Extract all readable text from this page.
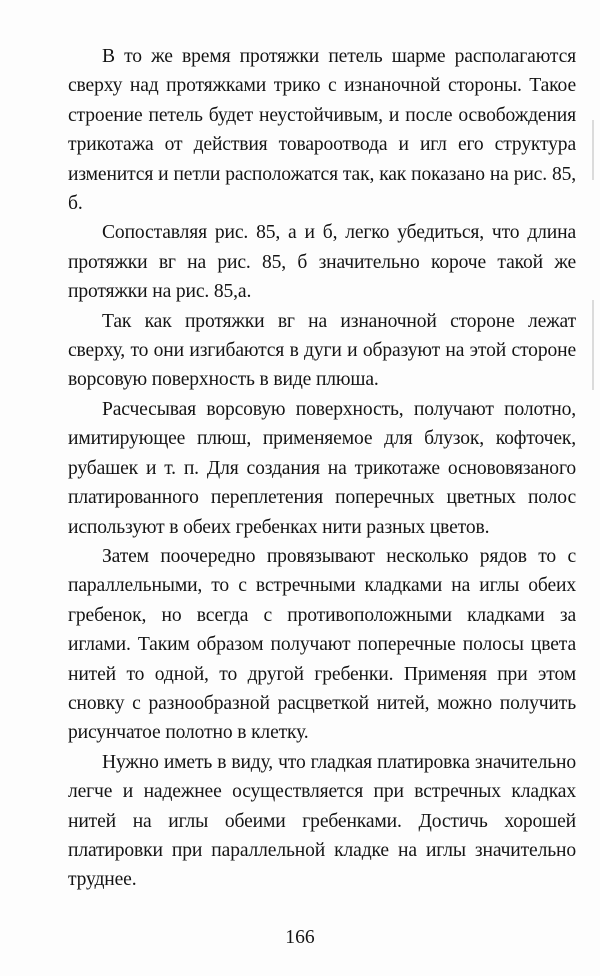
В то же время протяжки петель шарме располагаются сверху над протяжками трико с изнаночной стороны. Такое строение петель будет неустойчивым, и после освобождения трикотажа от действия товароотвода и игл его структура изменится и петли расположатся так, как показано на рис. 85, б.

Сопоставляя рис. 85, а и б, легко убедиться, что длина протяжки вг на рис. 85, б значительно короче такой же протяжки на рис. 85,а.

Так как протяжки вг на изнаночной стороне лежат сверху, то они изгибаются в дуги и образуют на этой стороне ворсовую поверхность в виде плюша.

Расчесывая ворсовую поверхность, получают полотно, имитирующее плюш, применяемое для блузок, кофточек, рубашек и т. п. Для создания на трикотаже основовязаного платированного переплетения поперечных цветных полос используют в обеих гребенках нити разных цветов.

Затем поочередно провязывают несколько рядов то с параллельными, то с встречными кладками на иглы обеих гребенок, но всегда с противоположными кладками за иглами. Таким образом получают поперечные полосы цвета нитей то одной, то другой гребенки. Применяя при этом сновку с разнообразной расцветкой нитей, можно получить рисунчатое полотно в клетку.

Нужно иметь в виду, что гладкая платировка значительно легче и надежнее осуществляется при встречных кладках нитей на иглы обеими гребенками. Достичь хорошей платировки при параллельной кладке на иглы значительно труднее.

166
